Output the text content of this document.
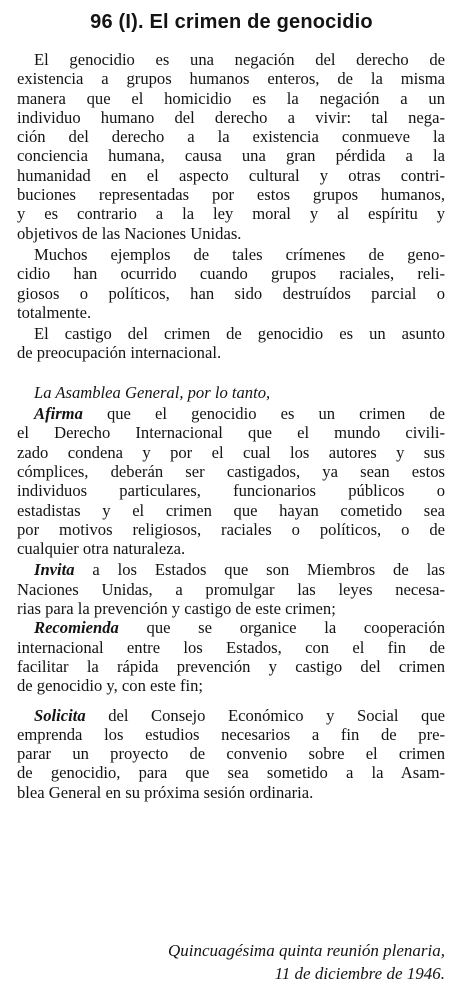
96 (I). El crimen de genocidio

El genocidio es una negación del derecho de
existencia a grupos humanos enteros, de la misma
manera que el homicidio es la negación a un
individuo humano del derecho a vivir: tal nega-
ción del derecho a la existencia conmueve la
conciencia humana, causa una gran pérdida a la
humanidad en el aspecto cultural y otras contri-
buciones representadas por estos grupos humanos,
y es contrario a la ley moral y al espíritu y
objetivos de las Naciones Unidas.

Muchos ejemplos de tales crímenes de geno-
cidio han ocurrido cuando grupos raciales, reli-
giosos o políticos, han sido destruídos parcial o
totalmente.

El castigo del crimen de genocidio es un asunto
de preocupación internacional.

La Asamblea General, por lo tanto,

Afirma que el genocidio es un crimen de
el Derecho Internacional que el mundo civili-
zado condena y por el cual los autores y sus
cómplices, deberán ser castigados, ya sean estos
individuos particulares, funcionarios públicos o
estadistas y el crimen que hayan cometido sea
por motivos religiosos, raciales o políticos, o de
cualquier otra naturaleza.

Invita a los Estados que son Miembros de las
Naciones Unidas, a promulgar las leyes necesa-
rias para la prevención y castigo de este crimen;

Recomienda que se organice la cooperación
internacional entre los Estados, con el fin de
facilitar la rápida prevención y castigo del crimen
de genocidio y, con este fin;

Solicita del Consejo Económico y Social que
emprenda los estudios necesarios a fin de pre-
parar un proyecto de convenio sobre el crimen
de genocidio, para que sea sometido a la Asam-
blea General en su próxima sesión ordinaria.

Quincuagésima quinta reunión plenaria,
11 de diciembre de 1946.
